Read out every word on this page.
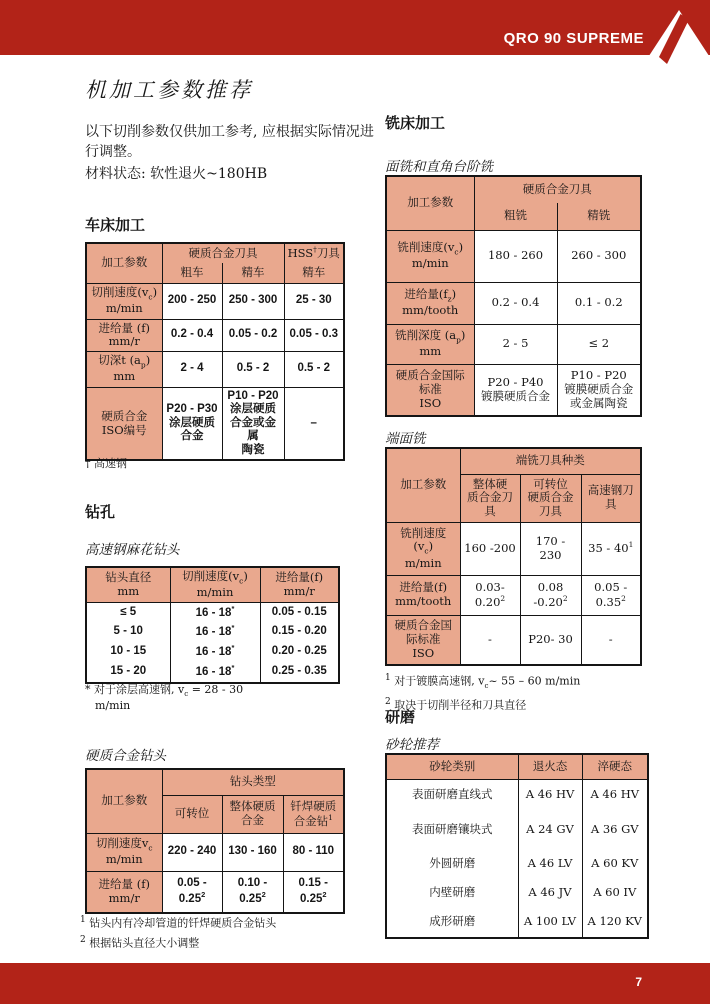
QRO 90 SUPREME
机加工参数推荐
以下切削参数仅供加工参考, 应根据实际情况进行调整。
材料状态: 软性退火~180HB
车床加工
加工参数	硬质合金刀具		HSS†刀具
	粗车	精车	精车
切削速度$(v_c)$
m/min	200 - 250	250 - 300	25 - 30
进给量 (f)
mm/r	0.2 - 0.4	0.05 - 0.2	0.05 - 0.3
切深t $(a_p)$
mm	2 - 4	0.5 - 2	0.5 - 2
硬质合金
ISO编号	P20 - P30
涂层硬质
合金	P10 - P20
涂层硬质
合金或金属
陶瓷	–
† 高速钢
钻孔
高速钢麻花钻头
钻头直径
mm	切削速度$(v_c)$
m/min	进给量(f)
mm/r
≤ 5	16 - 18*	0.05 - 0.15
5 - 10	16 - 18*	0.15 - 0.20
10 - 15	16 - 18*	0.20 - 0.25
15 - 20	16 - 18*	0.25 - 0.35
* 对于涂层高速钢, $v_c = 28 - 30$
m/min
硬质合金钻头
加工参数	钻头类型		
	可转位	整体硬质
合金	钎焊硬质
合金钻$^1$
切削速度$v_c$
m/min	220 - 240	130 - 160	80 - 110
进给量 (f)
mm/r	0.05 - 0.25$^2$	0.10 - 0.25$^2$	0.15 - 0.25$^2$
$^1$ 钻头内有冷却管道的钎焊硬质合金钻头
$^2$ 根据钻头直径大小调整
铣床加工
面铣和直角台阶铣
加工参数	硬质合金刀具	
	粗铣	精铣
铣削速度$(v_c)$
m/min	180 - 260	260 - 300
进给量$(f_z)$
mm/tooth	0.2 - 0.4	0.1 - 0.2
铣削深度 $(a_p)$
mm	2 - 5	≤ 2
硬质合金国际
标准
ISO	P20 - P40
镀膜硬质合金	P10 - P20
镀膜硬质合金
或金属陶瓷
端面铣
加工参数	端铣刀具种类		
	整体硬
质合金刀
具	可转位
硬质合金
刀具	高速钢刀
具
铣削速度
$(v_c)$
m/min	160 -200	170 - 230	$35 - 40^1$
进给量(f)
mm/tooth	0.03-0.20$^2$	0.08 -0.20$^2$	0.05 - 0.35$^2$
硬质合金国
际标准
ISO	-	P20- 30	-
$^1$ 对于镀膜高速钢, $v_c\sim$ 55 – 60 m/min
$^2$ 取决于切削半径和刀具直径
研磨
砂轮推荐
砂轮类别	退火态	淬硬态
表面研磨直线式	A 46 HV	A 46 HV
表面研磨镶块式	A 24 GV	A 36 GV
外圆研磨	A 46 LV	A 60 KV
内壁研磨	A 46 JV	A 60 IV
成形研磨	A 100 LV	A 120 KV
7
